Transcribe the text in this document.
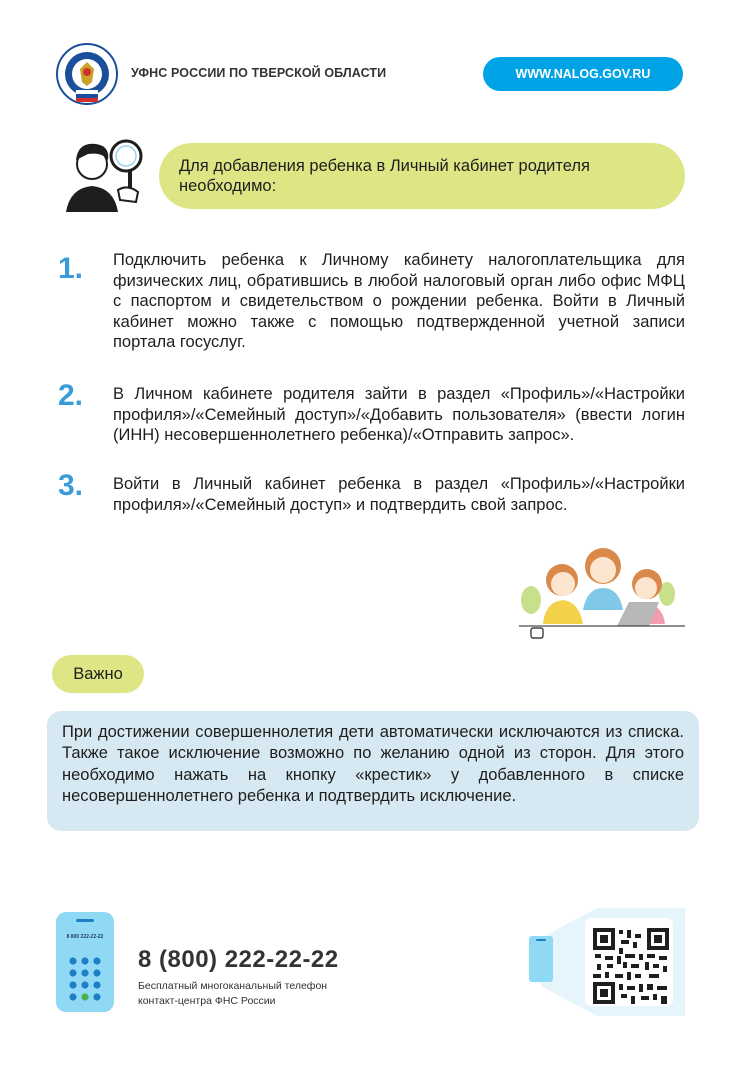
УФНС РОССИИ ПО ТВЕРСКОЙ ОБЛАСТИ	WWW.NALOG.GOV.RU
Для добавления ребенка в Личный кабинет родителя необходимо:
1. Подключить ребенка к Личному кабинету налогоплательщика для физических лиц, обратившись в любой налоговый орган либо офис МФЦ с паспортом и свидетельством о рождении ребенка. Войти в Личный кабинет можно также с помощью подтвержденной учетной записи портала госуслуг.
2. В Личном кабинете родителя зайти в раздел «Профиль»/«Настройки профиля»/«Семейный доступ»/«Добавить пользователя» (ввести логин (ИНН) несовершеннолетнего ребенка)/«Отправить запрос».
3. Войти в Личный кабинет ребенка в раздел «Профиль»/«Настройки профиля»/«Семейный доступ» и подтвердить свой запрос.
Важно
При достижении совершеннолетия дети автоматически исключаются из списка. Также такое исключение возможно по желанию одной из сторон. Для этого необходимо нажать на кнопку «крестик» у добавленного в списке несовершеннолетнего ребенка и подтвердить исключение.
8 800 222-22-22
8 (800) 222-22-22
Бесплатный многоканальный телефон
контакт-центра ФНС России
